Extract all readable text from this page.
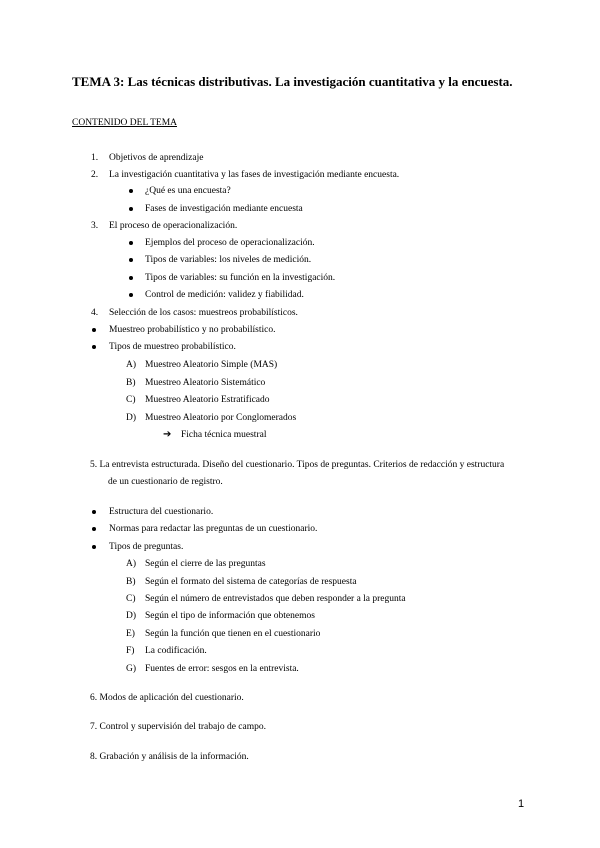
TEMA 3: Las técnicas distributivas. La investigación cuantitativa y la encuesta.
CONTENIDO DEL TEMA
1. Objetivos de aprendizaje
2. La investigación cuantitativa y las fases de investigación mediante encuesta.
¿Qué es una encuesta?
Fases de investigación mediante encuesta
3. El proceso de operacionalización.
Ejemplos del proceso de operacionalización.
Tipos de variables: los niveles de medición.
Tipos de variables: su función en la investigación.
Control de medición: validez y fiabilidad.
4. Selección de los casos: muestreos probabilísticos.
Muestreo probabilístico y no probabilístico.
Tipos de muestreo probabilístico.
A) Muestreo Aleatorio Simple (MAS)
B) Muestreo Aleatorio Sistemático
C) Muestreo Aleatorio Estratificado
D) Muestreo Aleatorio por Conglomerados
➔ Ficha técnica muestral
5. La entrevista estructurada. Diseño del cuestionario. Tipos de preguntas. Criterios de redacción y estructura
de un cuestionario de registro.
Estructura del cuestionario.
Normas para redactar las preguntas de un cuestionario.
Tipos de preguntas.
A) Según el cierre de las preguntas
B) Según el formato del sistema de categorías de respuesta
C) Según el número de entrevistados que deben responder a la pregunta
D) Según el tipo de información que obtenemos
E) Según la función que tienen en el cuestionario
F) La codificación.
G) Fuentes de error: sesgos en la entrevista.
6. Modos de aplicación del cuestionario.
7. Control y supervisión del trabajo de campo.
8. Grabación y análisis de la información.
1
